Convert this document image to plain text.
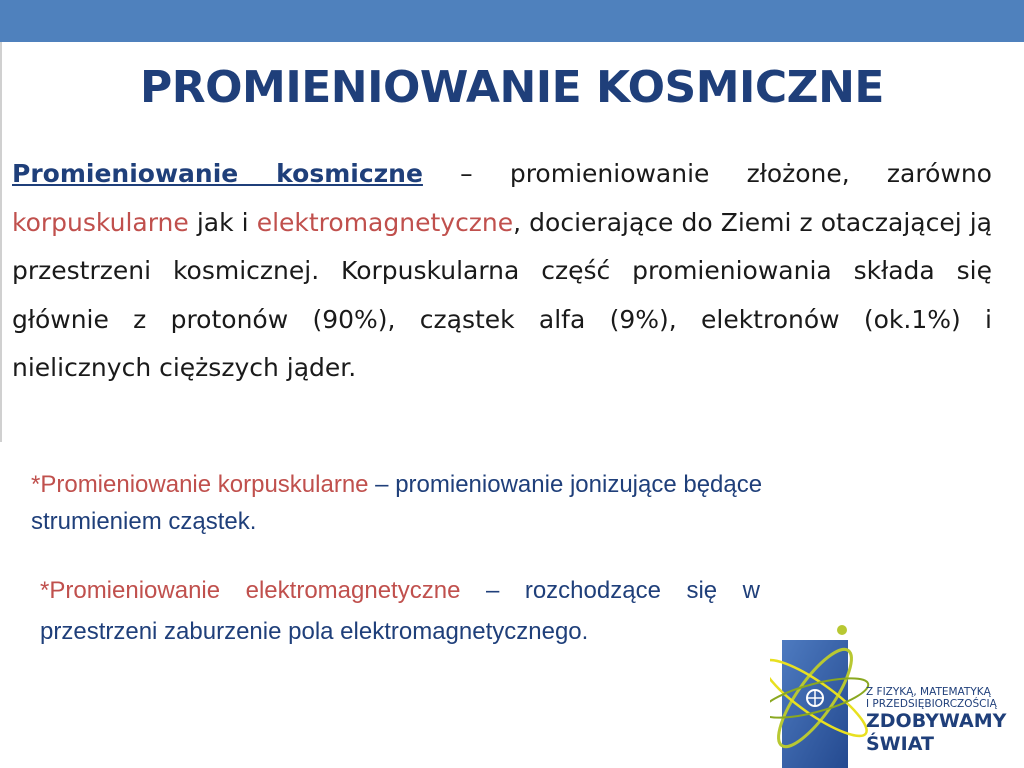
PROMIENIOWANIE KOSMICZNE

Promieniowanie kosmiczne – promieniowanie złożone, zarówno korpuskularne jak i elektromagnetyczne, docierające do Ziemi z otaczającej ją przestrzeni kosmicznej. Korpuskularna część promieniowania składa się głównie z protonów (90%), cząstek alfa (9%), elektronów (ok.1%) i nielicznych cięższych jąder.

*Promieniowanie korpuskularne – promieniowanie jonizujące będące strumieniem cząstek.

*Promieniowanie elektromagnetyczne – rozchodzące się w przestrzeni zaburzenie pola elektromagnetycznego.

Z FIZYKĄ, MATEMATYKĄ
I PRZEDSIĘBIORCZOŚCIĄ
ZDOBYWAMY
ŚWIAT
